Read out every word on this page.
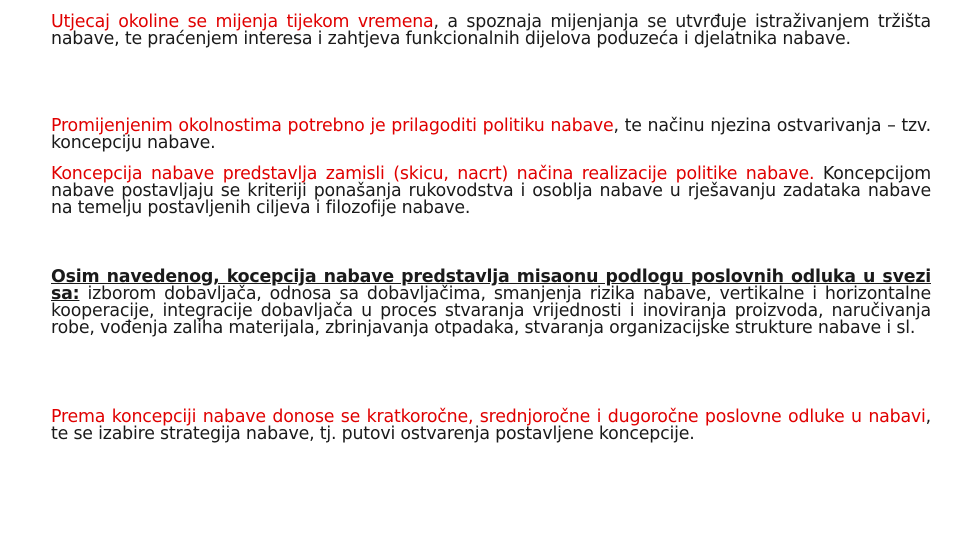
Utjecaj okoline se mijenja tijekom vremena, a spoznaja mijenjanja se utvrđuje istraživanjem tržišta nabave, te praćenjem interesa i zahtjeva funkcionalnih dijelova poduzeća i djelatnika nabave.

Promijenjenim okolnostima potrebno je prilagoditi politiku nabave, te načinu njezina ostvarivanja – tzv. koncepciju nabave.

Koncepcija nabave predstavlja zamisli (skicu, nacrt) načina realizacije politike nabave. Koncepcijom nabave postavljaju se kriteriji ponašanja rukovodstva i osoblja nabave u rješavanju zadataka nabave na temelju postavljenih ciljeva i filozofije nabave.

Osim navedenog, kocepcija nabave predstavlja misaonu podlogu poslovnih odluka u svezi sa: izborom dobavljača, odnosa sa dobavljačima, smanjenja rizika nabave, vertikalne i horizontalne kooperacije, integracije dobavljača u proces stvaranja vrijednosti i inoviranja proizvoda, naručivanja robe, vođenja zaliha materijala, zbrinjavanja otpadaka, stvaranja organizacijske strukture nabave i sl.

Prema koncepciji nabave donose se kratkoročne, srednjoročne i dugoročne poslovne odluke u nabavi, te se izabire strategija nabave, tj. putovi ostvarenja postavljene koncepcije.
